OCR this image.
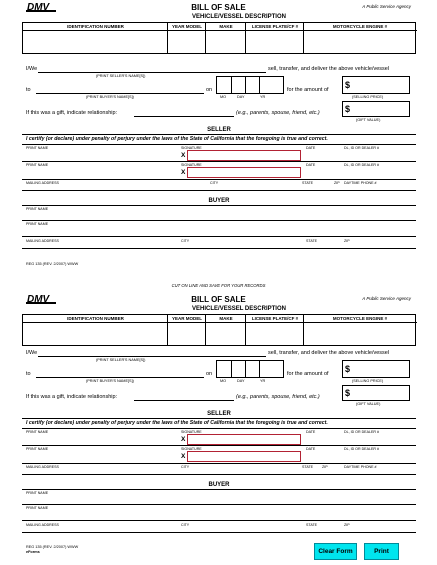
DMV	BILL OF SALE	A Public Service Agency
VEHICLE/VESSEL DESCRIPTION
IDENTIFICATION NUMBER	YEAR MODEL	MAKE	LICENSE PLATE/CF #	MOTORCYCLE ENGINE #
I/We
(PRINT SELLER'S NAME[S])
sell, transfer, and deliver the above vehicle/vessel
to
(PRINT BUYER'S NAME[S])
on
MO	DAY	YR
for the amount of $
(SELLING PRICE)
If this was a gift, indicate relationship:	(e.g., parents, spouse, friend, etc.)	$
(GIFT VALUE)
SELLER
I certify (or declare) under penalty of perjury under the laws of the State of California that the foregoing is true and correct.
PRINT NAME	SIGNATURE
X
DATE	DL, ID OR DEALER #
PRINT NAME	SIGNATURE
X
DATE	DL, ID OR DEALER #
MAILING ADDRESS	CITY	STATE	ZIP DAYTIME PHONE #
BUYER
PRINT NAME
PRINT NAME
MAILING ADDRESS	CITY	STATE	ZIP
REG 135 (REV. 2/2007) WWW
CUT ON LINE AND SAVE FOR YOUR RECORDS
DMV	BILL OF SALE	A Public Service Agency
VEHICLE/VESSEL DESCRIPTION
IDENTIFICATION NUMBER	YEAR MODEL	MAKE	LICENSE PLATE/CF #	MOTORCYCLE ENGINE #
I/We
(PRINT SELLER'S NAME[S])
sell, transfer, and deliver the above vehicle/vessel
to
(PRINT BUYER'S NAME[S])
on
MO	DAY	YR
for the amount of $
(SELLING PRICE)
If this was a gift, indicate relationship:	(e.g., parents, spouse, friend, etc.)	$
(GIFT VALUE)
SELLER
I certify (or declare) under penalty of perjury under the laws of the State of California that the foregoing is true and correct.
PRINT NAME	SIGNATURE
X
DATE	DL, ID OR DEALER #
PRINT NAME	SIGNATURE
X
DATE	DL, ID OR DEALER #
MAILING ADDRESS	CITY	STATE ZIP	DAYTIME PHONE #
BUYER
PRINT NAME
PRINT NAME
MAILING ADDRESS	CITY	STATE	ZIP
REG 135 (REV. 2/2007) WWW
eForms	Clear Form	Print
